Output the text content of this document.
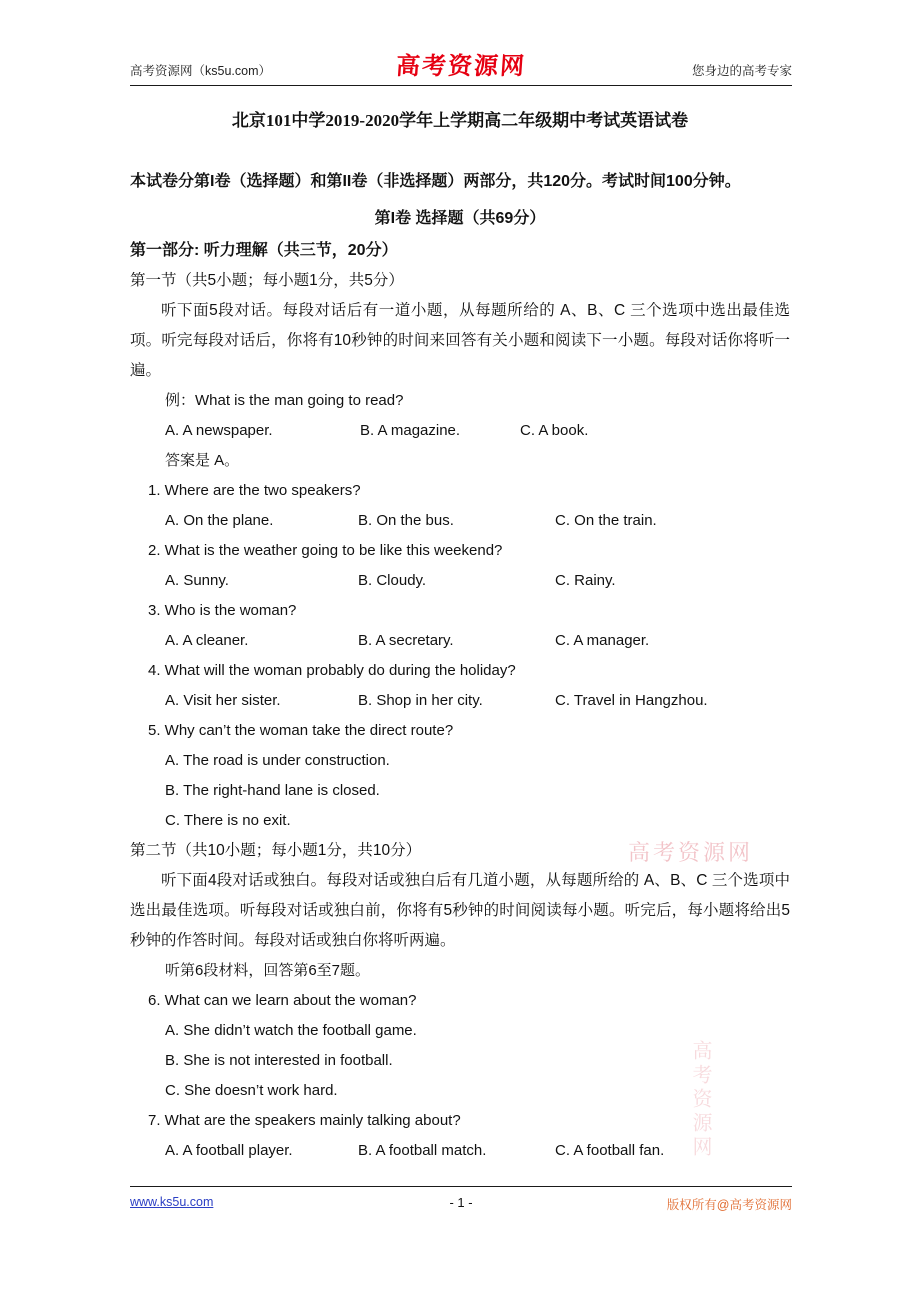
高考资源网（ks5u.com）	高考资源网	您身边的高考专家
高考资源网
高考资源网
北京101中学2019-2020学年上学期高二年级期中考试英语试卷
本试卷分第I卷（选择题）和第II卷（非选择题）两部分，共120分。考试时间100分钟。
第I卷 选择题（共69分）
第一部分: 听力理解（共三节，20分）
第一节（共5小题；每小题1分，共5分）
听下面5段对话。每段对话后有一道小题，从每题所给的 A、B、C 三个选项中选出最佳选项。听完每段对话后，你将有10秒钟的时间来回答有关小题和阅读下一小题。每段对话你将听一遍。
例：What is the man going to read?
A. A newspaper.	B. A magazine.	C. A book.
答案是 A。
1. Where are the two speakers?
A. On the plane.	B. On the bus.	C. On the train.
2. What is the weather going to be like this weekend?
A. Sunny.	B. Cloudy.	C. Rainy.
3. Who is the woman?
A. A cleaner.	B. A secretary.	C. A manager.
4. What will the woman probably do during the holiday?
A. Visit her sister.	B. Shop in her city.	C. Travel in Hangzhou.
5. Why can’t the woman take the direct route?
A. The road is under construction.
B. The right-hand lane is closed.
C. There is no exit.
第二节（共10小题；每小题1分，共10分）
听下面4段对话或独白。每段对话或独白后有几道小题，从每题所给的 A、B、C 三个选项中选出最佳选项。听每段对话或独白前，你将有5秒钟的时间阅读每小题。听完后，每小题将给出5秒钟的作答时间。每段对话或独白你将听两遍。
听第6段材料，回答第6至7题。
6. What can we learn about the woman?
A. She didn’t watch the football game.
B. She is not interested in football.
C. She doesn’t work hard.
7. What are the speakers mainly talking about?
A. A football player.	B. A football match.	C. A football fan.
www.ks5u.com	- 1 -	版权所有@高考资源网
